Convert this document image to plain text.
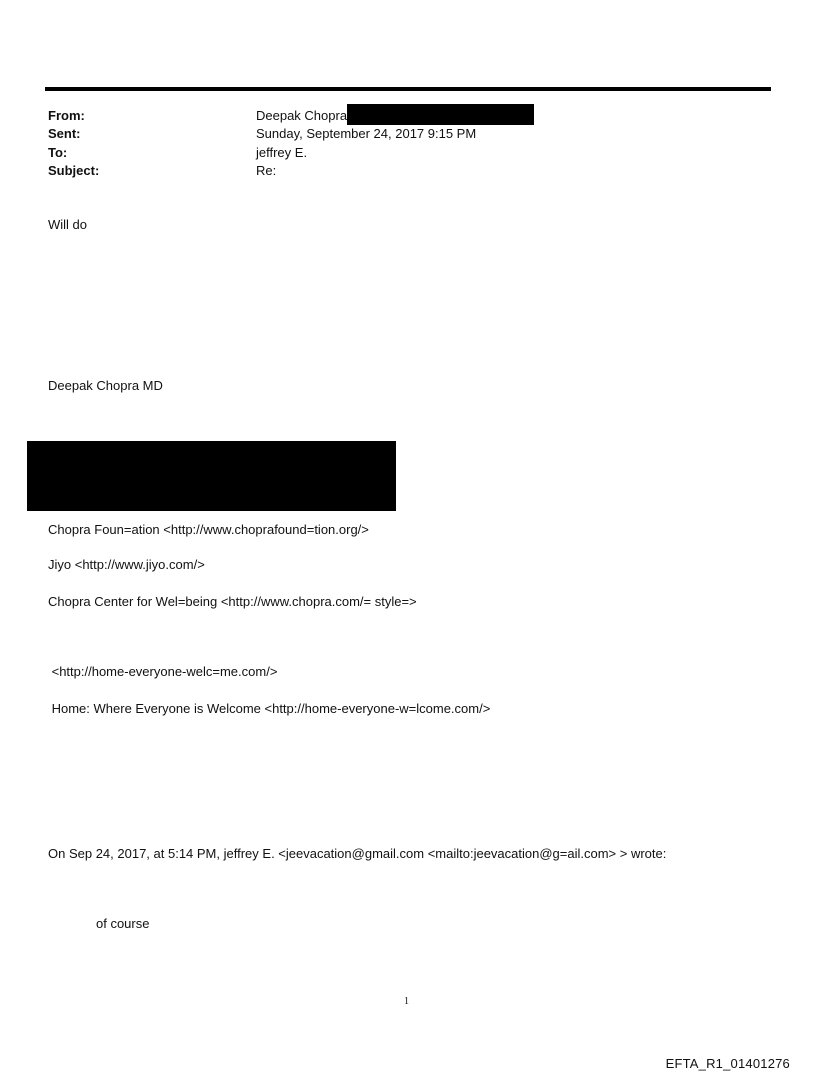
From:	Deepak Chopra
Sent:	Sunday, September 24, 2017 9:15 PM
To:	jeffrey E.
Subject:	Re:
Will do
Deepak Chopra MD
Chopra Foun=ation <http://www.choprafound=tion.org/>
Jiyo <http://www.jiyo.com/>
Chopra Center for Wel=being <http://www.chopra.com/= style=>
<http://home-everyone-welc=me.com/>
Home: Where Everyone is Welcome <http://home-everyone-w=lcome.com/>
On Sep 24, 2017, at 5:14 PM, jeffrey E. <jeevacation@gmail.com <mailto:jeevacation@g=ail.com> > wrote:
of course
1
EFTA_R1_01401276
